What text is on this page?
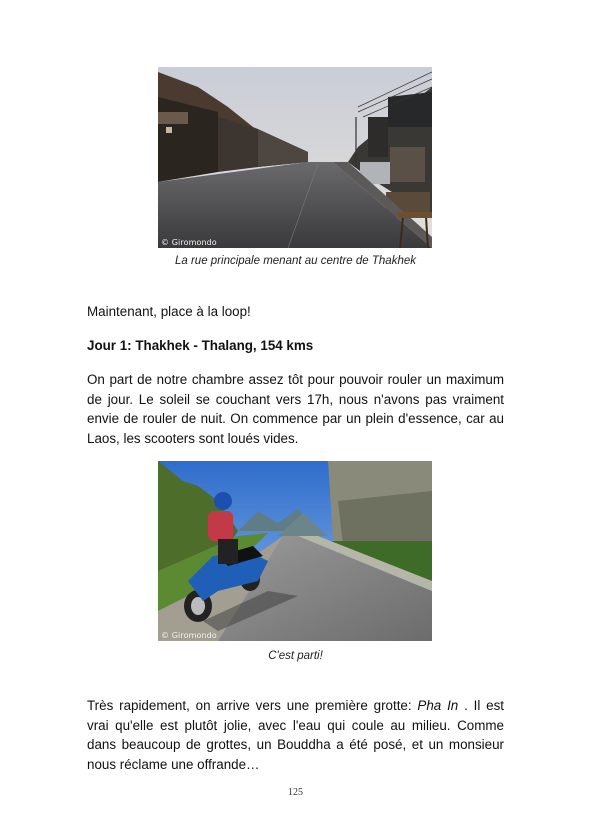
© Giromondo
La rue principale menant au centre de Thakhek

Maintenant, place à la loop!

Jour 1: Thakhek - Thalang, 154 kms

On part de notre chambre assez tôt pour pouvoir rouler un maximum de jour. Le soleil se couchant vers 17h, nous n'avons pas vraiment envie de rouler de nuit. On commence par un plein d'essence, car au Laos, les scooters sont loués vides.

© Giromondo
C'est parti!

Très rapidement, on arrive vers une première grotte: Pha In . Il est vrai qu'elle est plutôt jolie, avec l'eau qui coule au milieu. Comme dans beaucoup de grottes, un Bouddha a été posé, et un monsieur nous réclame une offrande…

125
